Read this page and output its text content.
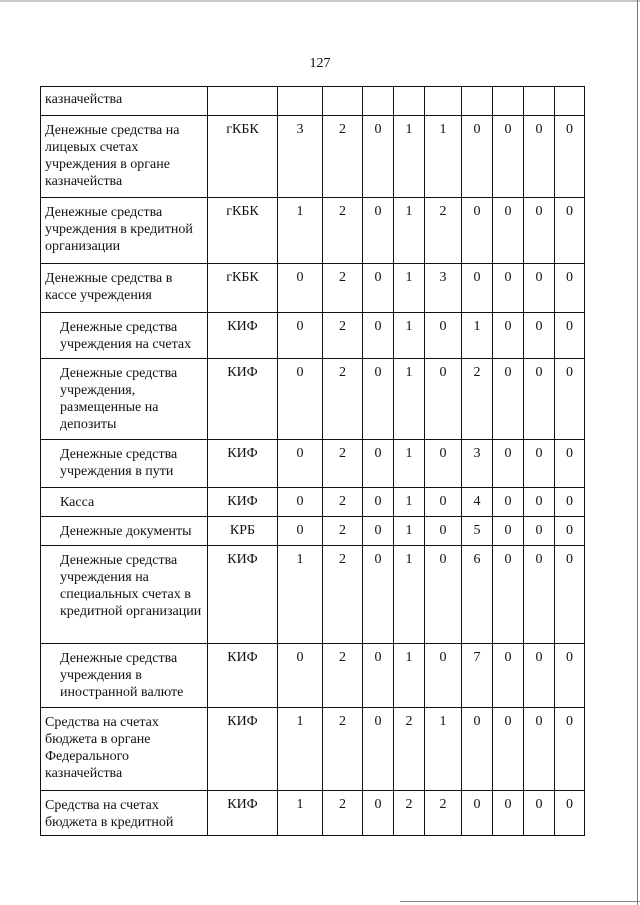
127
казначейства										
Денежные средства на лицевых счетах учреждения в органе казначейства	гКБК	3	2	0	1	1	0	0	0	0
Денежные средства учреждения в кредитной организации	гКБК	1	2	0	1	2	0	0	0	0
Денежные средства в кассе учреждения	гКБК	0	2	0	1	3	0	0	0	0
Денежные средства учреждения на счетах	КИФ	0	2	0	1	0	1	0	0	0
Денежные средства учреждения, размещенные на депозиты	КИФ	0	2	0	1	0	2	0	0	0
Денежные средства учреждения в пути	КИФ	0	2	0	1	0	3	0	0	0
Касса	КИФ	0	2	0	1	0	4	0	0	0
Денежные документы	КРБ	0	2	0	1	0	5	0	0	0
Денежные средства учреждения на специальных счетах в кредитной организации	КИФ	1	2	0	1	0	6	0	0	0
Денежные средства учреждения в иностранной валюте	КИФ	0	2	0	1	0	7	0	0	0
Средства на счетах бюджета в органе Федерального казначейства	КИФ	1	2	0	2	1	0	0	0	0
Средства на счетах бюджета в кредитной	КИФ	1	2	0	2	2	0	0	0	0
